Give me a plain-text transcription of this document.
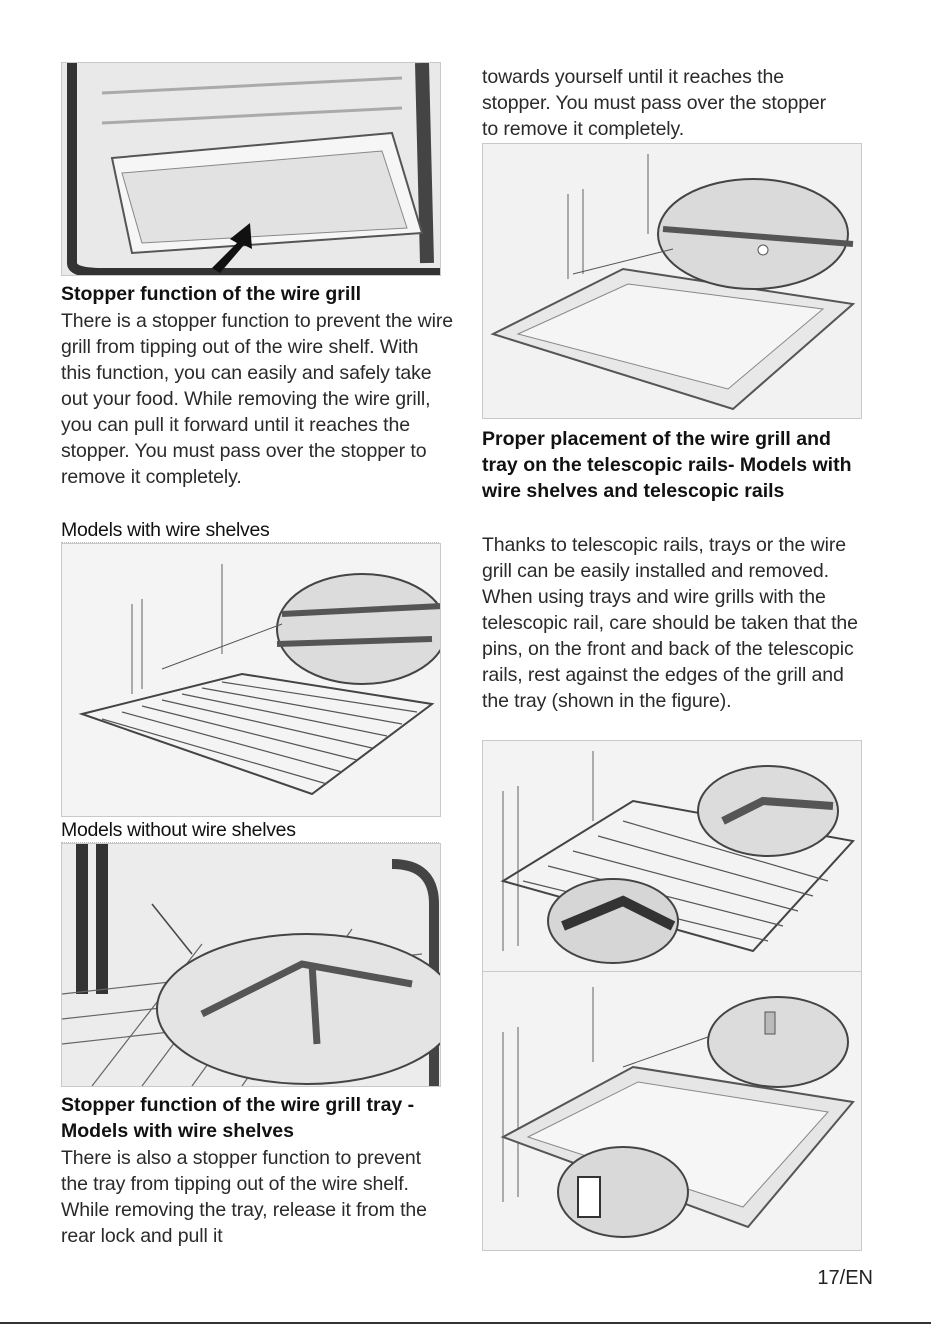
Stopper function of the wire grill

There is a stopper function to prevent the wire grill from tipping out of the wire shelf. With this function, you can easily and safely take out your food. While removing the wire grill, you can pull it forward until it reaches the stopper. You must pass over the stopper to remove it completely.

Models with wire shelves
Models without wire shelves
Stopper function of the wire grill tray - Models with wire shelves

There is also a stopper function to prevent the tray from tipping out of the wire shelf. While removing the tray, release it from the rear lock and pull it

towards yourself until it reaches the stopper. You must pass over the stopper to remove it completely.

Proper placement of the wire grill and tray on the telescopic rails- Models with wire shelves and telescopic rails

Thanks to telescopic rails, trays or the wire grill can be easily installed and removed. When using trays and wire grills with the telescopic rail, care should be taken that the pins, on the front and back of the telescopic rails, rest against the edges of the grill and the tray (shown in the figure).

17/EN
